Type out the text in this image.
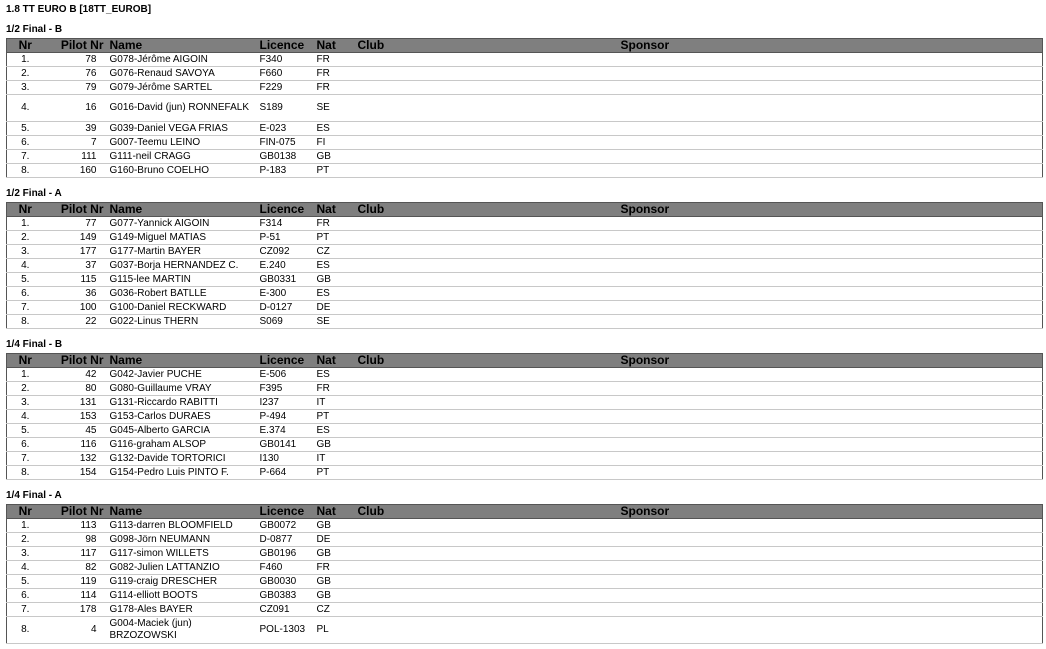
1.8 TT EURO B [18TT_EUROB]
1/2 Final - B
Nr	Pilot Nr	Name	Licence	Nat	Club	Sponsor
1.	78	G078-Jérôme AIGOIN	F340	FR		
2.	76	G076-Renaud SAVOYA	F660	FR		
3.	79	G079-Jérôme SARTEL	F229	FR		
4.	16	G016-David (jun) RONNEFALK	S189	SE		
5.	39	G039-Daniel VEGA FRIAS	E-023	ES		
6.	7	G007-Teemu LEINO	FIN-075	FI		
7.	111	G111-neil CRAGG	GB0138	GB		
8.	160	G160-Bruno COELHO	P-183	PT		
1/2 Final - A
Nr	Pilot Nr	Name	Licence	Nat	Club	Sponsor
1.	77	G077-Yannick AIGOIN	F314	FR		
2.	149	G149-Miguel MATIAS	P-51	PT		
3.	177	G177-Martin BAYER	CZ092	CZ		
4.	37	G037-Borja HERNANDEZ C.	E.240	ES		
5.	115	G115-lee MARTIN	GB0331	GB		
6.	36	G036-Robert BATLLE	E-300	ES		
7.	100	G100-Daniel RECKWARD	D-0127	DE		
8.	22	G022-Linus THERN	S069	SE		
1/4 Final - B
Nr	Pilot Nr	Name	Licence	Nat	Club	Sponsor
1.	42	G042-Javier PUCHE	E-506	ES		
2.	80	G080-Guillaume VRAY	F395	FR		
3.	131	G131-Riccardo RABITTI	I237	IT		
4.	153	G153-Carlos DURAES	P-494	PT		
5.	45	G045-Alberto GARCIA	E.374	ES		
6.	116	G116-graham ALSOP	GB0141	GB		
7.	132	G132-Davide TORTORICI	I130	IT		
8.	154	G154-Pedro Luis PINTO F.	P-664	PT		
1/4 Final - A
Nr	Pilot Nr	Name	Licence	Nat	Club	Sponsor
1.	113	G113-darren BLOOMFIELD	GB0072	GB		
2.	98	G098-Jörn NEUMANN	D-0877	DE		
3.	117	G117-simon WILLETS	GB0196	GB		
4.	82	G082-Julien LATTANZIO	F460	FR		
5.	119	G119-craig DRESCHER	GB0030	GB		
6.	114	G114-elliott BOOTS	GB0383	GB		
7.	178	G178-Ales BAYER	CZ091	CZ		
8.	4	G004-Maciek (jun) BRZOZOWSKI	POL-1303	PL		
